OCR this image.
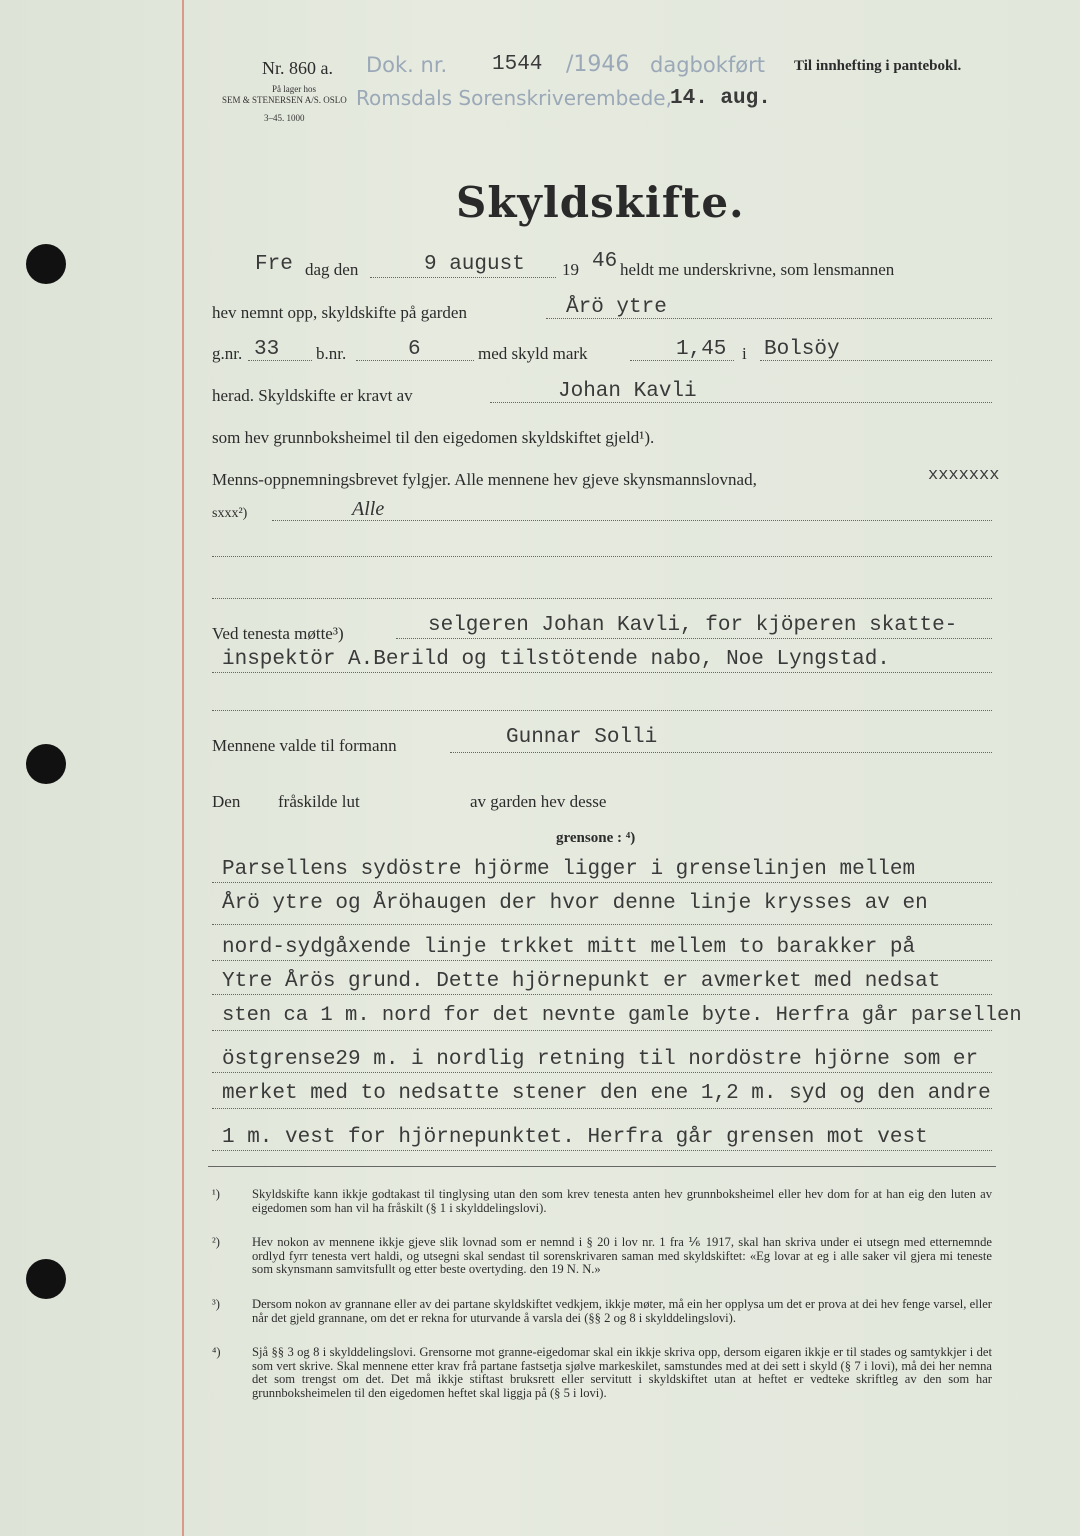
Nr. 860 a. Dok. nr. 1544 /1946 dagbokført Til innhefting i pantebokl.
På lager hos
SEM & STENERSEN A/S. OSLO
3–45. 1000
Romsdals Sorenskriverembede,
14. aug.
Skyldskifte.
Fre dag den	9 august 19 46 heldt me underskrivne, som lensmannen
hev nemnt opp, skyldskifte på garden	Årö ytre
g.nr. 33 b.nr.	6	med skyld mark	1,45 i Bolsöy
herad. Skyldskifte er kravt av	Johan Kavli
som hev grunnboksheimel til den eigedomen skyldskiftet gjeld¹).
Menns-oppnemningsbrevet fylgjer. Alle mennene hev gjeve skynsmannslovnad,	xxxxxxx
sxxx²)	Alle
Ved tenesta møtte³)	selgeren Johan Kavli, for kjöperen skatte-
inspektör A.Berild og tilstötende nabo, Noe Lyngstad.
Mennene valde til formann	Gunnar Solli
Den fråskilde lut	av garden hev desse
grensone : ⁴)
Parsellens sydöstre hjörme ligger i grenselinjen mellem
Årö ytre og Åröhaugen der hvor denne linje krysses av en
nord-sydgåxende linje trkket mitt mellem to barakker på
Ytre Årös grund. Dette hjörnepunkt er avmerket med nedsat
sten ca 1 m. nord for det nevnte gamle byte. Herfra går parsellen
östgrense29 m. i nordlig retning til nordöstre hjörne som er
merket med to nedsatte stener den ene 1,2 m. syd og den andre
1 m. vest for hjörnepunktet. Herfra går grensen mot vest
¹)	Skyldskifte kann ikkje godtakast til tinglysing utan den som krev tenesta anten hev grunnboksheimel eller hev dom for at han eig den luten av eigedomen som han vil ha fråskilt (§ 1 i skylddelingslovi).
²)	Hev nokon av mennene ikkje gjeve slik lovnad som er nemnd i § 20 i lov nr. 1 fra ⅙ 1917, skal han skriva under ei utsegn med etternemnde ordlyd fyrr tenesta vert haldi, og utsegni skal sendast til sorenskrivaren saman med skyldskiftet: «Eg lovar at eg i alle saker vil gjera mi teneste som skynsmann samvitsfullt og etter beste overtyding. den 19 N. N.»
³)	Dersom nokon av grannane eller av dei partane skyldskiftet vedkjem, ikkje møter, må ein her opplysa um det er prova at dei hev fenge varsel, eller når det gjeld grannane, om det er rekna for uturvande å varsla dei (§§ 2 og 8 i skylddelingslovi).
⁴) Sjå §§ 3 og 8 i skylddelingslovi. Grensorne mot granne-eigedomar skal ein ikkje skriva opp, dersom eigaren ikkje er til stades og samtykkjer i det som vert skrive. Skal mennene etter krav frå partane fastsetja sjølve markeskilet, samstundes med at dei sett i skyld (§ 7 i lovi), må dei her nemna det som trengst om det. Det må ikkje stiftast bruksrett eller servitutt i skyldskiftet utan at heftet er vedteke skriftleg av den som har grunnboksheimelen til den eigedomen heftet skal liggja på (§ 5 i lovi).
